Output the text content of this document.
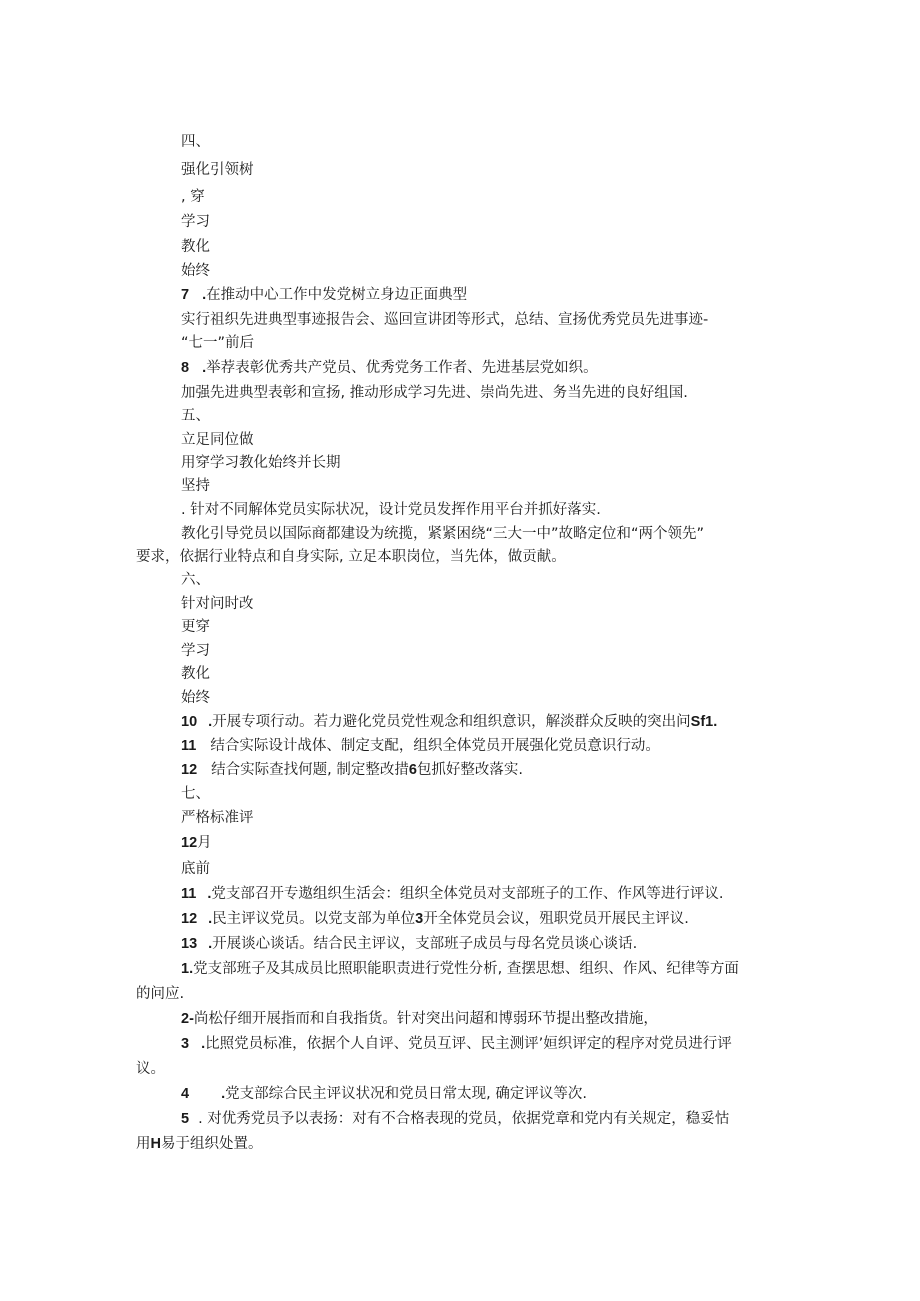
四、
强化引领树
, 穿
学习
教化
始终
7 .在推动中心工作中发党树立身边正面典型
实行祖织先进典型事迹报告会、巡回宣讲团等形式，总结、宣扬优秀党员先进事迹-
“七一”前后
8 .举荐表彰优秀共产党员、优秀党务工作者、先进基层党如织。
加强先进典型表彰和宣扬, 推动形成学习先进、崇尚先进、务当先进的良好组国.
五、
立足同位做
用穿学习教化始终并长期
坚持
. 针对不同解体党员实际状况，设计党员发挥作用平台并抓好落实.
教化引导党员以国际商都建设为统揽，紧紧困绕“三大一中”故略定位和“两个领先”
要求，依据行业特点和自身实际, 立足本职岗位，当先体，做贡献。
六、
针对问时改
更穿
学习
教化
始终
10 .开展专项行动。若力避化党员党性观念和组织意识，解淡群众反映的突出问Sf1.
11 结合实际设计战体、制定支配，组织全体党员开展强化党员意识行动。
12 结合实际查找何题, 制定整改措6包抓好整改落实.
七、
严格标准评
12月
底前
11 .党支部召开专遨组织生活会：组织全体党员对支部班子的工作、作风等进行评议.
12 .民主评议党员。以党支部为单位3开全体党员会议，殂职党员开展民主评议.
13 .开展谈心谈话。结合民主评议，支部班子成员与母名党员谈心谈话.
1.党支部班子及其成员比照职能职责进行党性分析, 查摆思想、组织、作风、纪律等方面
的问应.
2-尚松仔细开展指而和自我指货。针对突出问超和博弱环节提出整改措施，
3 .比照党员标准，依据个人自评、党员互评、民主测评’姮织评定的程序对党员进行评
议。
4 .党支部综合民主评议状况和党员日常太现, 确定评议等次.
5 . 对优秀党员予以表扬：对有不合格表现的党员，依据党章和党内有关规定，稳妥怙
用H易于组织处置。
